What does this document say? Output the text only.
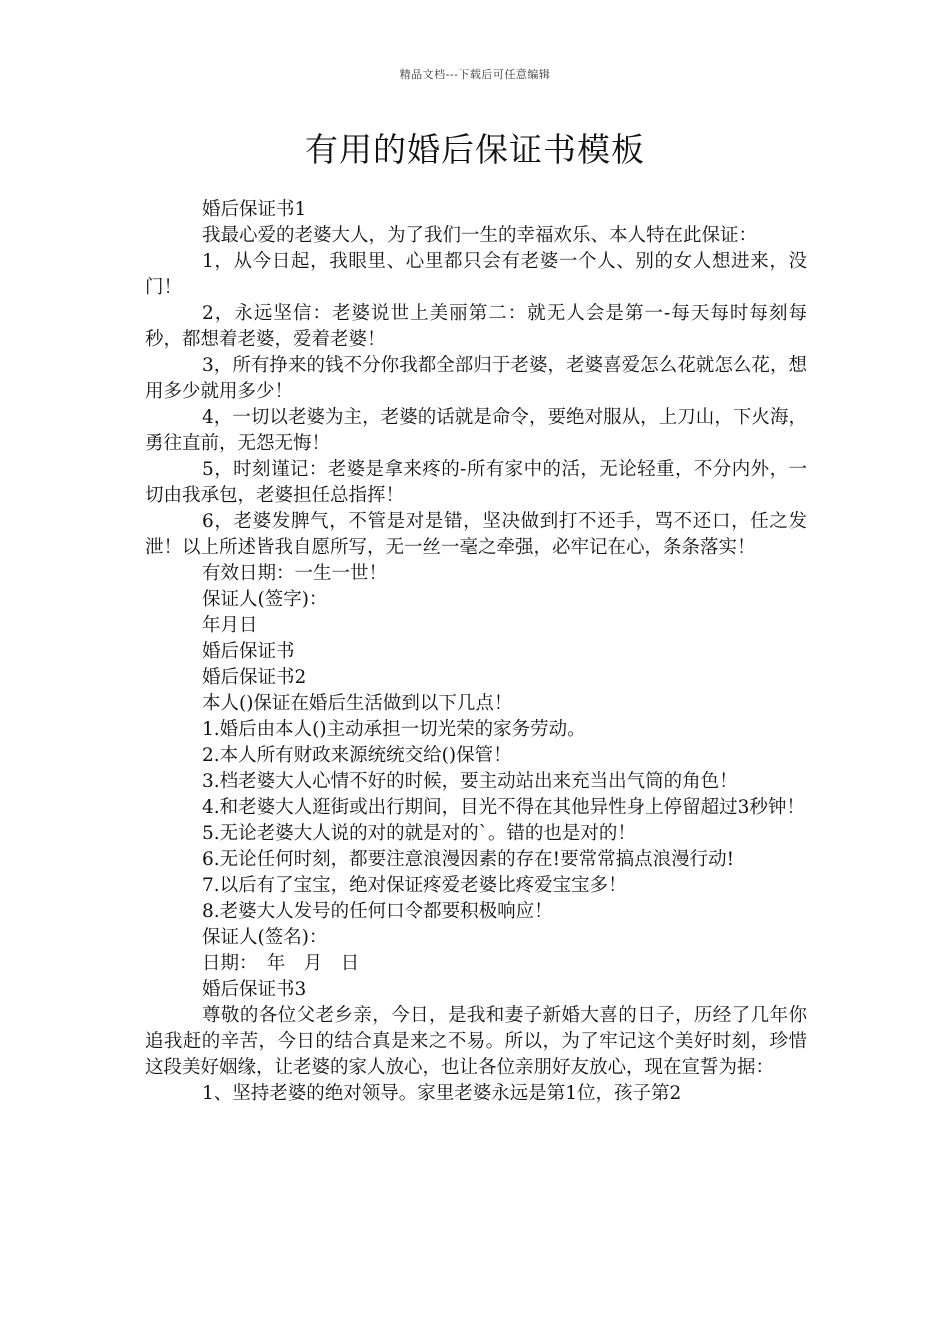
精品文档---下载后可任意编辑
有用的婚后保证书模板

婚后保证书1

我最心爱的老婆大人，为了我们一生的幸福欢乐、本人特在此保证：

1，从今日起，我眼里、心里都只会有老婆一个人、别的女人想进来，没门！

2，永远坚信：老婆说世上美丽第二：就无人会是第一-每天每时每刻每秒，都想着老婆，爱着老婆！

3，所有挣来的钱不分你我都全部归于老婆，老婆喜爱怎么花就怎么花，想用多少就用多少！

4，一切以老婆为主，老婆的话就是命令，要绝对服从，上刀山，下火海，勇往直前，无怨无悔！

5，时刻谨记：老婆是拿来疼的-所有家中的活，无论轻重，不分内外，一切由我承包，老婆担任总指挥！

6，老婆发脾气，不管是对是错，坚决做到打不还手，骂不还口，任之发泄！以上所述皆我自愿所写，无一丝一毫之牵强，必牢记在心，条条落实！

有效日期：一生一世！

保证人(签字)：

年月日

婚后保证书

婚后保证书2

本人()保证在婚后生活做到以下几点！

1.婚后由本人()主动承担一切光荣的家务劳动。

2.本人所有财政来源统统交给()保管！

3.档老婆大人心情不好的时候，要主动站出来充当出气筒的角色！

4.和老婆大人逛街或出行期间，目光不得在其他异性身上停留超过3秒钟！

5.无论老婆大人说的对的就是对的`。错的也是对的！

6.无论任何时刻，都要注意浪漫因素的存在!要常常搞点浪漫行动!

7.以后有了宝宝，绝对保证疼爱老婆比疼爱宝宝多！

8.老婆大人发号的任何口令都要积极响应！

保证人(签名)：

日期：　年　月　日

婚后保证书3

尊敬的各位父老乡亲，今日，是我和妻子新婚大喜的日子，历经了几年你追我赶的辛苦，今日的结合真是来之不易。所以，为了牢记这个美好时刻，珍惜这段美好姻缘，让老婆的家人放心，也让各位亲朋好友放心，现在宣誓为据：

1、坚持老婆的绝对领导。家里老婆永远是第1位，孩子第2
